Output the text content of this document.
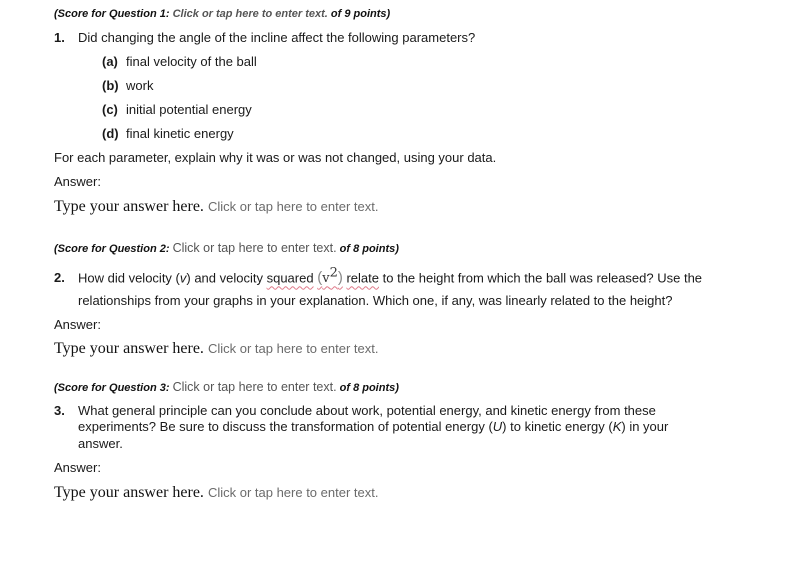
(Score for Question 1: Click or tap here to enter text. of 9 points)
1. Did changing the angle of the incline affect the following parameters?
(a) final velocity of the ball
(b) work
(c) initial potential energy
(d) final kinetic energy
For each parameter, explain why it was or was not changed, using your data.
Answer:
Type your answer here. Click or tap here to enter text.
(Score for Question 2: Click or tap here to enter text. of 8 points)
2. How did velocity (v) and velocity squared $(v^2)$ relate to the height from which the ball was released? Use the
relationships from your graphs in your explanation. Which one, if any, was linearly related to the height?
Answer:
Type your answer here. Click or tap here to enter text.
(Score for Question 3: Click or tap here to enter text. of 8 points)
3. What general principle can you conclude about work, potential energy, and kinetic energy from these
experiments? Be sure to discuss the transformation of potential energy (U) to kinetic energy (K) in your
answer.
Answer:
Type your answer here. Click or tap here to enter text.
